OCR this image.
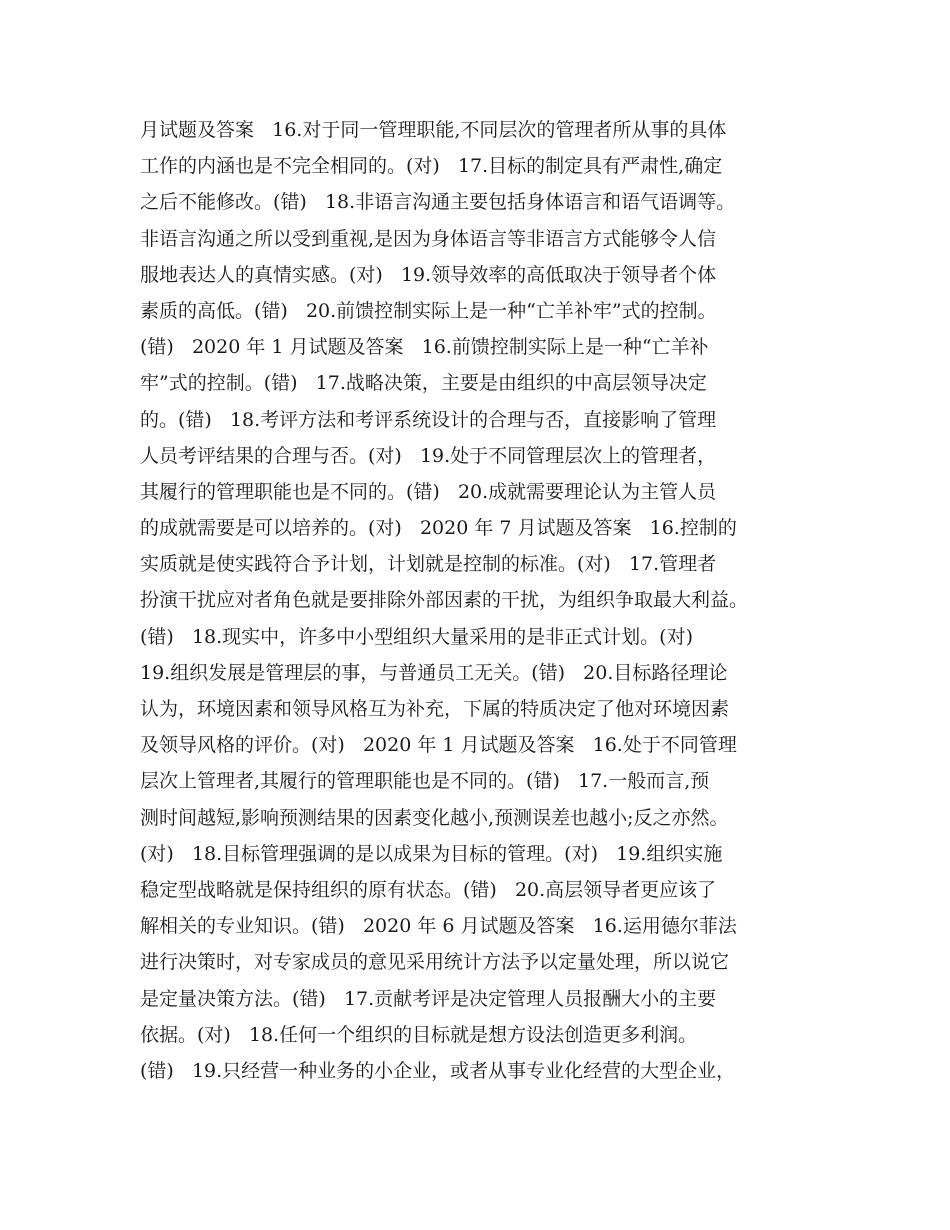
月试题及答案   16.对于同一管理职能,不同层次的管理者所从事的具体
工作的内涵也是不完全相同的。(对)   17.目标的制定具有严肃性,确定
之后不能修改。(错)   18.非语言沟通主要包括身体语言和语气语调等。
非语言沟通之所以受到重视,是因为身体语言等非语言方式能够令人信
服地表达人的真情实感。(对)   19.领导效率的高低取决于领导者个体
素质的高低。(错)   20.前馈控制实际上是一种“亡羊补牢”式的控制。
(错)   2020 年 1 月试题及答案   16.前馈控制实际上是一种“亡羊补
牢”式的控制。(错)   17.战略决策，主要是由组织的中高层领导决定
的。(错)   18.考评方法和考评系统设计的合理与否，直接影响了管理
人员考评结果的合理与否。(对)   19.处于不同管理层次上的管理者，
其履行的管理职能也是不同的。(错)   20.成就需要理论认为主管人员
的成就需要是可以培养的。(对)   2020 年 7 月试题及答案   16.控制的
实质就是使实践符合予计划，计划就是控制的标准。(对)   17.管理者
扮演干扰应对者角色就是要排除外部因素的干扰，为组织争取最大利益。
(错)   18.现实中，许多中小型组织大量采用的是非正式计划。(对)
19.组织发展是管理层的事，与普通员工无关。(错)   20.目标路径理论
认为，环境因素和领导风格互为补充，下属的特质决定了他对环境因素
及领导风格的评价。(对)   2020 年 1 月试题及答案   16.处于不同管理
层次上管理者,其履行的管理职能也是不同的。(错)   17.一般而言,预
测时间越短,影响预测结果的因素变化越小,预测误差也越小;反之亦然。
(对)   18.目标管理强调的是以成果为目标的管理。(对)   19.组织实施
稳定型战略就是保持组织的原有状态。(错)   20.高层领导者更应该了
解相关的专业知识。(错)   2020 年 6 月试题及答案   16.运用德尔菲法
进行决策时，对专家成员的意见采用统计方法予以定量处理，所以说它
是定量决策方法。(错)   17.贡献考评是决定管理人员报酬大小的主要
依据。(对)   18.任何一个组织的目标就是想方设法创造更多利润。
(错)   19.只经营一种业务的小企业，或者从事专业化经营的大型企业，
